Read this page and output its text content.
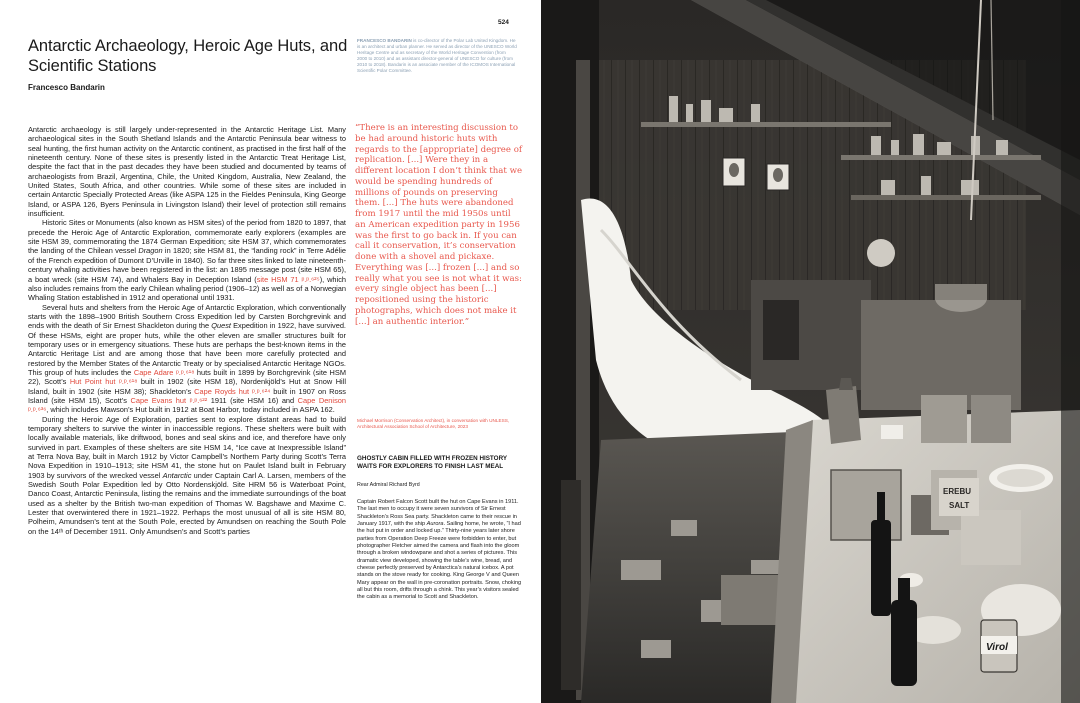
524
Antarctic Archaeology, Heroic Age Huts, and Scientific Stations
Francesco Bandarin
FRANCESCO BANDARIN is co-director of the Polar Lab United Kingdom. He is an architect and urban planner. He served as director of the UNESCO World Heritage Centre and as secretary of the World Heritage Convention (from 2000 to 2010) and as assistant director-general of UNESCO for culture (from 2010 to 2018). Bandarin is an associate member of the ICOMOS International Scientific Polar Committee.

Antarctic archaeology is still largely under-represented in the Antarctic Heritage List. Many archaeological sites in the South Shetland Islands and the Antarctic Peninsula bear witness to seal hunting, the first human activity on the Antarctic continent, as practised in the first half of the nineteenth century. None of these sites is presently listed in the Antarctic Treat Heritage List, despite the fact that in the past decades they have been studied and documented by teams of archaeologists from Brazil, Argentina, Chile, the United Kingdom, Australia, New Zealand, the United States, South Africa, and other countries. While some of these sites are included in certain Antarctic Specially Protected Areas (like ASPA 125 in the Fieldes Peninsula, King George Island, or ASPA 126, Byers Peninsula in Livingston Island) their level of protection still remains insufficient.

Historic Sites or Monuments (also known as HSM sites) of the period from 1820 to 1897, that precede the Heroic Age of Antarctic Exploration, commemorate early explorers (examples are site HSM 39, commemorating the 1874 German Expedition; site HSM 37, which commemorates the landing of the Chilean vessel Dragon in 1820; site HSM 81, the “landing rock” in Terre Adélie of the French expedition of Dumont D’Urville in 1840). So far three sites linked to late nineteenth-century whaling activities have been registered in the list: an 1895 message post (site HSM 65), a boat wreck (site HSM 74), and Whalers Bay in Deception Island (site HSM 71 ᵖ.ᵖ.⁶²⁵), which also includes remains from the early Chilean whaling period (1906–12) as well as of a Norwegian Whaling Station established in 1912 and operational until 1931.

Several huts and shelters from the Heroic Age of Antarctic Exploration, which conventionally starts with the 1898–1900 British Southern Cross Expedition led by Carsten Borchgrevink and ends with the death of Sir Ernest Shackleton during the Quest Expedition in 1922, have survived. Of these HSMs, eight are proper huts, while the other eleven are smaller structures built for temporary uses or in emergency situations. These huts are perhaps the best-known items in the Antarctic Heritage List and are among those that have been more carefully protected and restored by the Member States of the Antarctic Treaty or by specialised Antarctic Heritage NGOs. This group of huts includes the Cape Adare ᵖ.ᵖ.⁶¹⁸ huts built in 1899 by Borchgrevink (site HSM 22), Scott’s Hut Point hut ᵖ.ᵖ.⁶¹⁸ built in 1902 (site HSM 18), Nordenkjöld’s Hut at Snow Hill Island, built in 1902 (site HSM 38); Shackleton’s Cape Royds hut ᵖ.ᵖ.⁶²⁴ built in 1907 on Ross Island (site HSM 15), Scott’s Cape Evans hut ᵖ.ᵖ.⁶²² 1911 (site HSM 16) and Cape Denison ᵖ.ᵖ.⁶³⁶, which includes Mawson’s Hut built in 1912 at Boat Harbor, today included in ASPA 162.

During the Heroic Age of Exploration, parties sent to explore distant areas had to build temporary shelters to survive the winter in inaccessible regions. These shelters were built with locally available materials, like driftwood, bones and seal skins and ice, and therefore have only survived in part. Examples of these shelters are site HSM 14, “Ice cave at Inexpressible Island” at Terra Nova Bay, built in March 1912 by Victor Campbell’s Northern Party during Scott’s Terra Nova Expedition in 1910–1913; site HSM 41, the stone hut on Paulet Island built in February 1903 by survivors of the wrecked vessel Antarctic under Captain Carl A. Larsen, members of the Swedish South Polar Expedition led by Otto Nordenskjöld. Site HRM 56 is Waterboat Point, Danco Coast, Antarctic Peninsula, listing the remains and the immediate surroundings of the boat used as a shelter by the British two-man expedition of Thomas W. Bagshawe and Maxime C. Lester that overwintered there in 1921–1922. Perhaps the most unusual of all is site HSM 80, Polheim, Amundsen’s tent at the South Pole, erected by Amundsen on reaching the South Pole on the 14ᵗʰ of December 1911. Only Amundsen’s and Scott’s parties

“There is an interesting discussion to be had around historic huts with regards to the [appropriate] degree of replication. [...] Were they in a different location I don’t think that we would be spending hundreds of millions of pounds on preserving them. [...] The huts were abandoned from 1917 until the mid 1950s until an American expedition party in 1956 was the first to go back in. If you can call it conservation, it’s conservation done with a shovel and pickaxe. Everything was [...] frozen [...] and so really what you see is not what it was: every single object has been [...] repositioned using the historic photographs, which does not make it [...] an authentic interior.”

Michael Morrison (Conservation Architect), in conversation with UNLESS, Architectural Association School of Architecture, 2023
GHOSTLY CABIN FILLED WITH FROZEN HISTORY WAITS FOR EXPLORERS TO FINISH LAST MEAL
Rear Admiral Richard Byrd
Captain Robert Falcon Scott built the hut on Cape Evans in 1911. The last men to occupy it were seven survivors of Sir Ernest Shackleton’s Ross Sea party. Shackleton came to their rescue in January 1917, with the ship Aurora. Sailing home, he wrote, “I had the hut put in order and locked up.” Thirty-nine years later shore parties from Operation Deep Freeze were forbidden to enter, but photographer Fletcher aimed the camera and flash into the gloom through a broken windowpane and shot a series of pictures. This dramatic view developed, showing the table’s wine, bread, and cheese perfectly preserved by Antarctica’s natural icebox. A pot stands on the stove ready for cooking. King George V and Queen Mary appear on the wall in pre-coronation portraits. Snow, choking all but this room, drifts through a chink. This year’s visitors sealed the cabin as a memorial to Scott and Shackleton.
EREBU
SALT
Virol
